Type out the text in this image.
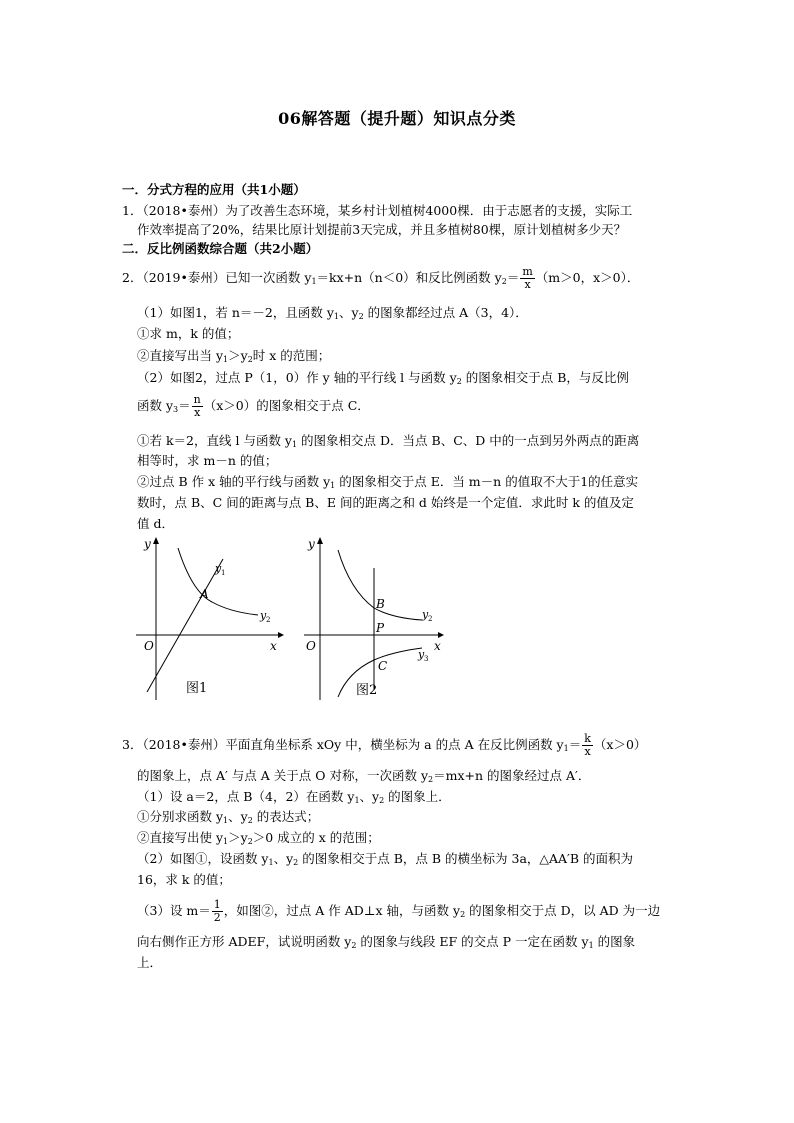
06解答题（提升题）知识点分类
一．分式方程的应用（共1小题）
1．（2018•泰州）为了改善生态环境，某乡村计划植树4000棵．由于志愿者的支援，实际工
作效率提高了20%，结果比原计划提前3天完成，并且多植树80棵，原计划植树多少天？
二．反比例函数综合题（共2小题）
2．（2019•泰州）已知一次函数 $y_1=kx+n(n<0)$和反比例函数 $y_2= \frac{m}{x} (m>0$，x＞0）．
（1）如图1，若 n＝－2，且函数 $y_1$、$y_2$ 的图象都经过点 A（3，4）．
①求 m，k 的值；
②直接写出当 $y_1>y_2$时 x 的范围；
（2）如图2，过点 P（1，0）作 y 轴的平行线 l 与函数 $y_2$ 的图象相交于点 B，与反比例
函数 $y_3= \frac{n}{x} (x>0)$的图象相交于点 C．
①若 k＝2，直线 l 与函数 $y_1$ 的图象相交点 D．当点 B、C、D 中的一点到另外两点的距离
相等时，求 m－n 的值；
②过点 B 作 x 轴的平行线与函数 $y_1$ 的图象相交于点 E．当 m－n 的值取不大于1的任意实
数时，点 B、C 间的距离与点 B、E 间的距离之和 d 始终是一个定值．求此时 k 的值及定
值 d．
y
x
O
A
y 1
y 2
图1
y
x
O
B
P
C
y 2
y 3
图2
3．（2018•泰州）平面直角坐标系 xOy 中，横坐标为 a 的点 A 在反比例函数 $y_1= \frac{k}{x} (x>0)$
的图象上，点 A′ 与点 A 关于点 O 对称，一次函数 $y_2=mx+n$ 的图象经过点 A′．
（1）设 a＝2，点 B（4，2）在函数 $y_1$、$y_2$ 的图象上．
①分别求函数 $y_1$、$y_2$ 的表达式；
②直接写出使 $y_1>y_2>0$ 成立的 x 的范围；
（2）如图①，设函数 $y_1$、$y_2$ 的图象相交于点 B，点 B 的横坐标为 3a，△AA′B 的面积为
16，求 k 的值；
（3）设 $m= \frac{1}{2}$ ，如图②，过点 A 作 AD⊥x 轴，与函数 $y_2$ 的图象相交于点 D，以 AD 为一边
向右侧作正方形 ADEF，试说明函数 $y_2$ 的图象与线段 EF 的交点 P 一定在函数 $y_1$ 的图象
上．
